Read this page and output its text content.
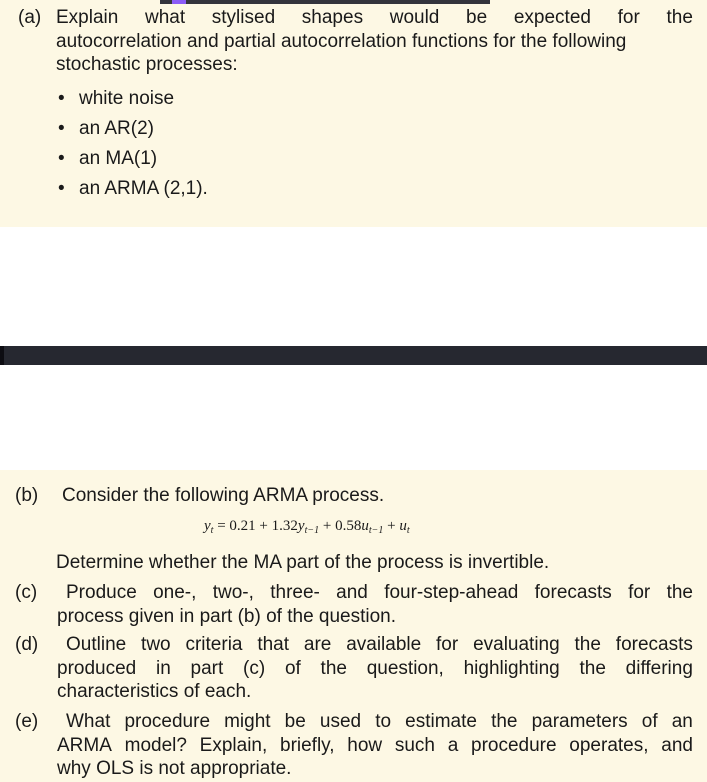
(a) Explain what stylised shapes would be expected for the
autocorrelation and partial autocorrelation functions for the following
stochastic processes:
• white noise
• an AR(2)
• an MA(1)
• an ARMA (2,1).
(b) Consider the following ARMA process.
$y_t = 0.21 + 1.32y_{t-1} + 0.58u_{t-1} + u_t$
Determine whether the MA part of the process is invertible.
(c) Produce one-, two-, three- and four-step-ahead forecasts for the
process given in part (b) of the question.
(d) Outline two criteria that are available for evaluating the forecasts
produced in part (c) of the question, highlighting the differing
characteristics of each.
(e) What procedure might be used to estimate the parameters of an
ARMA model? Explain, briefly, how such a procedure operates, and
why OLS is not appropriate.
